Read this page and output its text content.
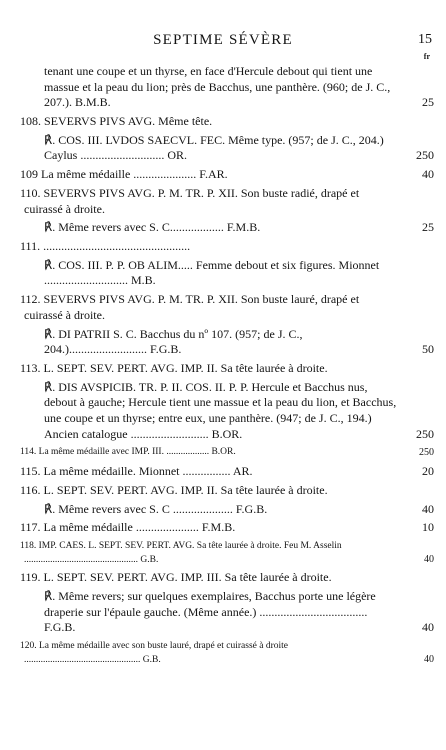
SEPTIME SÉVÈRE	15
fr
tenant une coupe et un thyrse, en face d'Hercule debout qui tient une massue et la peau du lion; près de Bacchus, une panthère. (960; de J. C., 207.). B.M.B.	25
108. SEVERVS PIVS AVG. Même tête.
℟. COS. III. LVDOS SAECVL. FEC. Même type. (957; de J. C., 204.) Caylus ............................ OR.	250
109 La même médaille ..................... F.AR.	40
110. SEVERVS PIVS AVG. P. M. TR. P. XII. Son buste radié, drapé et cuirassé à droite.
℟. Même revers avec S. C.................. F.M.B.	25
111. .................................................
℟. COS. III. P. P. OB ALIM..... Femme debout et six figures. Mionnet ............................ M.B.
112. SEVERVS PIVS AVG. P. M. TR. P. XII. Son buste lauré, drapé et cuirassé à droite.
℟. DI PATRII S. C. Bacchus du nº 107. (957; de J. C., 204.).......................... F.G.B.	50
113. L. SEPT. SEV. PERT. AVG. IMP. II. Sa tête laurée à droite.
℟. DIS AVSPICIB. TR. P. II. COS. II. P. P. Hercule et Bacchus nus, debout à gauche; Hercule tient une massue et la peau du lion, et Bacchus, une coupe et un thyrse; entre eux, une panthère. (947; de J. C., 194.) Ancien catalogue .......................... B.OR.	250
114. La même médaille avec IMP. III. .................. B.OR.	250
115. La même médaille. Mionnet ................ AR.	20
116. L. SEPT. SEV. PERT. AVG. IMP. II. Sa tête laurée à droite.
℟. Même revers avec S. C .................... F.G.B.	40
117. La même médaille ..................... F.M.B.	10
118. IMP. CAES. L. SEPT. SEV. PERT. AVG. Sa tête laurée à droite. Feu M. Asselin ................................................ G.B.	40
119. L. SEPT. SEV. PERT. AVG. IMP. III. Sa tête laurée à droite.
℟. Même revers; sur quelques exemplaires, Bacchus porte une légère draperie sur l'épaule gauche. (Même année.) .................................... F.G.B.	40
120. La même médaille avec son buste lauré, drapé et cuirassé à droite ................................................. G.B.	40
